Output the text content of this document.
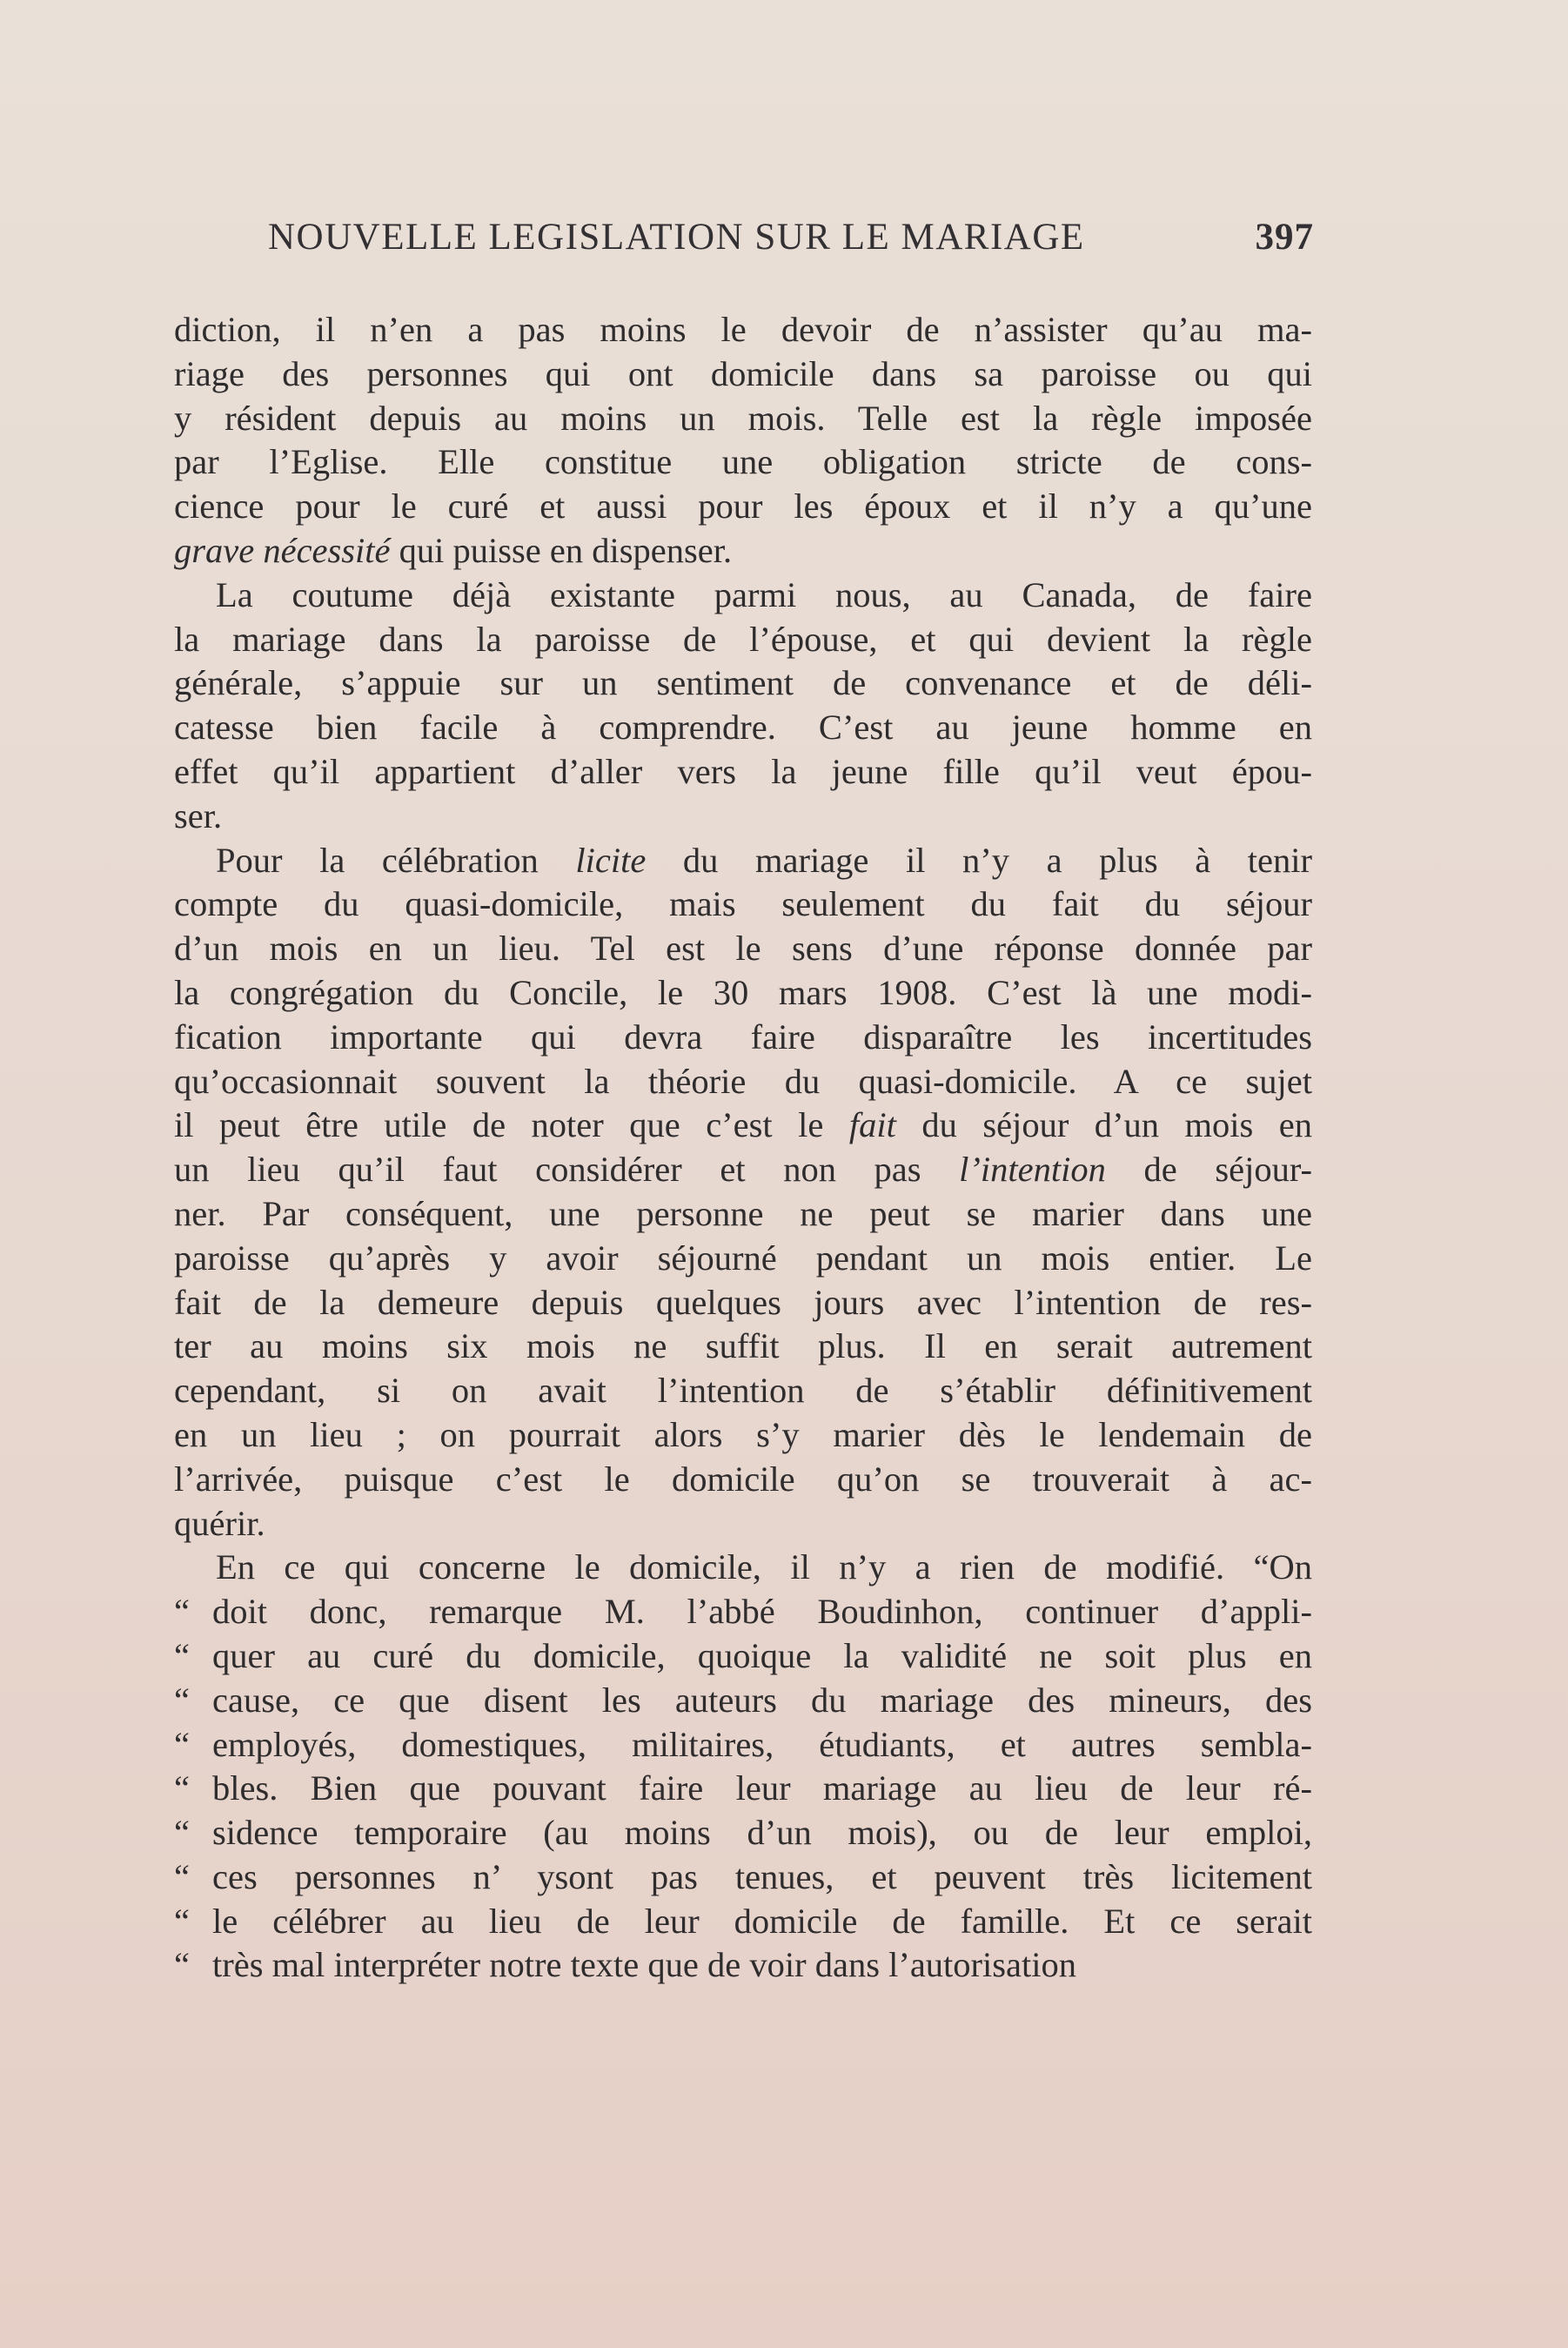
NOUVELLE LEGISLATION SUR LE MARIAGE	397
diction, il n’en a pas moins le devoir de n’assister qu’au ma-
riage des personnes qui ont domicile dans sa paroisse ou qui
y résident depuis au moins un mois. Telle est la règle imposée
par l’Eglise. Elle constitue une obligation stricte de cons-
cience pour le curé et aussi pour les époux et il n’y a qu’une
grave nécessité qui puisse en dispenser.
La coutume déjà existante parmi nous, au Canada, de faire
la mariage dans la paroisse de l’épouse, et qui devient la règle
générale, s’appuie sur un sentiment de convenance et de déli-
catesse bien facile à comprendre. C’est au jeune homme en
effet qu’il appartient d’aller vers la jeune fille qu’il veut épou-
ser.
Pour la célébration licite du mariage il n’y a plus à tenir
compte du quasi-domicile, mais seulement du fait du séjour
d’un mois en un lieu. Tel est le sens d’une réponse donnée par
la congrégation du Concile, le 30 mars 1908. C’est là une modi-
fication importante qui devra faire disparaître les incertitudes
qu’occasionnait souvent la théorie du quasi-domicile. A ce sujet
il peut être utile de noter que c’est le fait du séjour d’un mois en
un lieu qu’il faut considérer et non pas l’intention de séjour-
ner. Par conséquent, une personne ne peut se marier dans une
paroisse qu’après y avoir séjourné pendant un mois entier. Le
fait de la demeure depuis quelques jours avec l’intention de res-
ter au moins six mois ne suffit plus. Il en serait autrement
cependant, si on avait l’intention de s’établir définitivement
en un lieu ; on pourrait alors s’y marier dès le lendemain de
l’arrivée, puisque c’est le domicile qu’on se trouverait à ac-
quérir.
En ce qui concerne le domicile, il n’y a rien de modifié. “On
“ doit donc, remarque M. l’abbé Boudinhon, continuer d’appli-
“ quer au curé du domicile, quoique la validité ne soit plus en
“ cause, ce que disent les auteurs du mariage des mineurs, des
“ employés, domestiques, militaires, étudiants, et autres sembla-
“ bles. Bien que pouvant faire leur mariage au lieu de leur ré-
“ sidence temporaire (au moins d’un mois), ou de leur emploi,
“ ces personnes n’ ysont pas tenues, et peuvent très licitement
“ le célébrer au lieu de leur domicile de famille. Et ce serait
“ très mal interpréter notre texte que de voir dans l’autorisation
